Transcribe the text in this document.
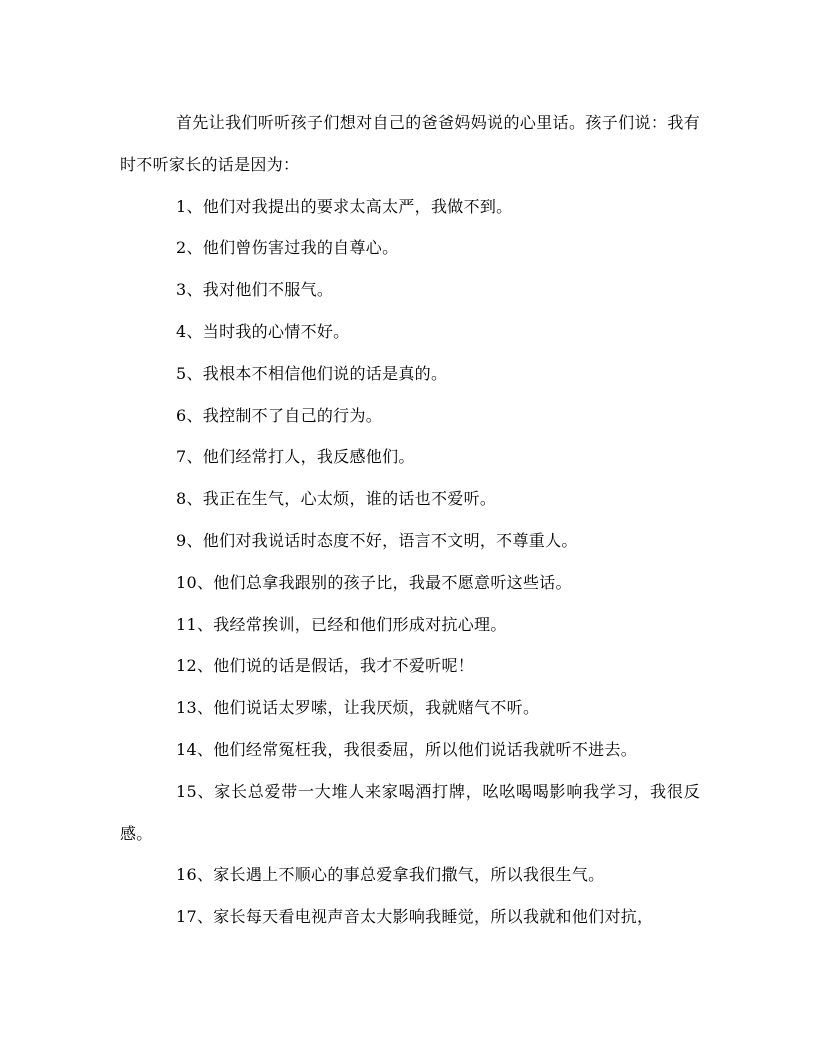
首先让我们听听孩子们想对自己的爸爸妈妈说的心里话。孩子们说：我有时不听家长的话是因为：

1、他们对我提出的要求太高太严，我做不到。

2、他们曾伤害过我的自尊心。

3、我对他们不服气。

4、当时我的心情不好。

5、我根本不相信他们说的话是真的。

6、我控制不了自己的行为。

7、他们经常打人，我反感他们。

8、我正在生气，心太烦，谁的话也不爱听。

9、他们对我说话时态度不好，语言不文明，不尊重人。

10、他们总拿我跟别的孩子比，我最不愿意听这些话。

11、我经常挨训，已经和他们形成对抗心理。

12、他们说的话是假话，我才不爱听呢！

13、他们说话太罗嗦，让我厌烦，我就赌气不听。

14、他们经常冤枉我，我很委屈，所以他们说话我就听不进去。

15、家长总爱带一大堆人来家喝酒打牌，吆吆喝喝影响我学习，我很反感。

16、家长遇上不顺心的事总爱拿我们撒气，所以我很生气。

17、家长每天看电视声音太大影响我睡觉，所以我就和他们对抗，
